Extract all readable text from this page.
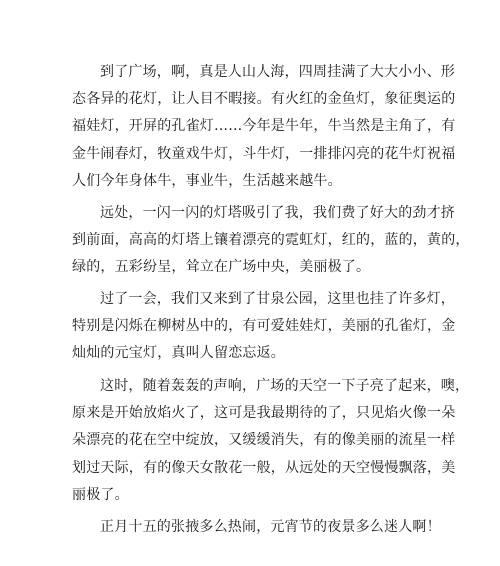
到了广场，啊，真是人山人海，四周挂满了大大小小、形
态各异的花灯，让人目不暇接。有火红的金鱼灯，象征奥运的
福娃灯，开屏的孔雀灯……今年是牛年，牛当然是主角了，有
金牛闹春灯，牧童戏牛灯，斗牛灯，一排排闪亮的花牛灯祝福
人们今年身体牛，事业牛，生活越来越牛。
远处，一闪一闪的灯塔吸引了我，我们费了好大的劲才挤
到前面，高高的灯塔上镶着漂亮的霓虹灯，红的，蓝的，黄的，
绿的，五彩纷呈，耸立在广场中央，美丽极了。
过了一会，我们又来到了甘泉公园，这里也挂了许多灯，
特别是闪烁在柳树丛中的，有可爱娃娃灯，美丽的孔雀灯，金
灿灿的元宝灯，真叫人留恋忘返。
这时，随着轰轰的声响，广场的天空一下子亮了起来，噢，
原来是开始放焰火了，这可是我最期待的了，只见焰火像一朵
朵漂亮的花在空中绽放，又缓缓消失，有的像美丽的流星一样
划过天际，有的像天女散花一般，从远处的天空慢慢飘落，美
丽极了。
正月十五的张掖多么热闹，元宵节的夜景多么迷人啊！
